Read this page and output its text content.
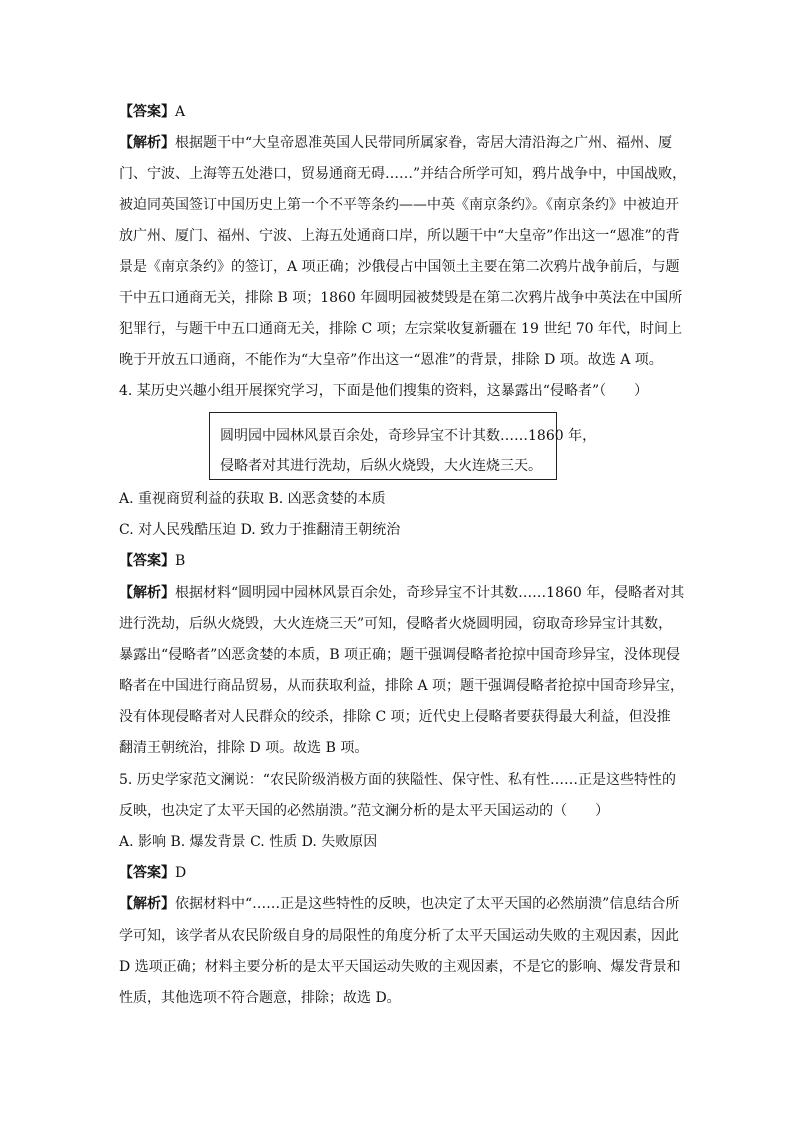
【答案】A
【解析】根据题干中“大皇帝恩准英国人民带同所属家眷，寄居大清沿海之广州、福州、厦
门、宁波、上海等五处港口，贸易通商无碍……”并结合所学可知，鸦片战争中，中国战败，
被迫同英国签订中国历史上第一个不平等条约——中英《南京条约》。《南京条约》中被迫开
放广州、厦门、福州、宁波、上海五处通商口岸，所以题干中“大皇帝”作出这一“恩准”的背
景是《南京条约》的签订，A 项正确；沙俄侵占中国领土主要在第二次鸦片战争前后，与题
干中五口通商无关，排除 B 项；1860 年圆明园被焚毁是在第二次鸦片战争中英法在中国所
犯罪行，与题干中五口通商无关，排除 C 项；左宗棠收复新疆在 19 世纪 70 年代，时间上
晚于开放五口通商，不能作为“大皇帝”作出这一“恩准”的背景，排除 D 项。故选 A 项。
4. 某历史兴趣小组开展探究学习，下面是他们搜集的资料，这暴露出“侵略者”（　　）
圆明园中园林风景百余处，奇珍异宝不计其数……1860 年，
侵略者对其进行洗劫，后纵火烧毁，大火连烧三天。
A. 重视商贸利益的获取 B. 凶恶贪婪的本质
C. 对人民残酷压迫 D. 致力于推翻清王朝统治
【答案】B
【解析】根据材料“圆明园中园林风景百余处，奇珍异宝不计其数……1860 年，侵略者对其
进行洗劫，后纵火烧毁，大火连烧三天”可知，侵略者火烧圆明园，窃取奇珍异宝计其数，
暴露出“侵略者”凶恶贪婪的本质，B 项正确；题干强调侵略者抢掠中国奇珍异宝，没体现侵
略者在中国进行商品贸易，从而获取利益，排除 A 项；题干强调侵略者抢掠中国奇珍异宝，
没有体现侵略者对人民群众的绞杀，排除 C 项；近代史上侵略者要获得最大利益，但没推
翻清王朝统治，排除 D 项。故选 B 项。
5. 历史学家范文澜说：“农民阶级消极方面的狭隘性、保守性、私有性……正是这些特性的
反映，也决定了太平天国的必然崩溃。”范文澜分析的是太平天国运动的（　　）
A. 影响 B. 爆发背景 C. 性质 D. 失败原因
【答案】D
【解析】依据材料中“……正是这些特性的反映，也决定了太平天国的必然崩溃”信息结合所
学可知，该学者从农民阶级自身的局限性的角度分析了太平天国运动失败的主观因素，因此
D 选项正确；材料主要分析的是太平天国运动失败的主观因素，不是它的影响、爆发背景和
性质，其他选项不符合题意，排除；故选 D。
